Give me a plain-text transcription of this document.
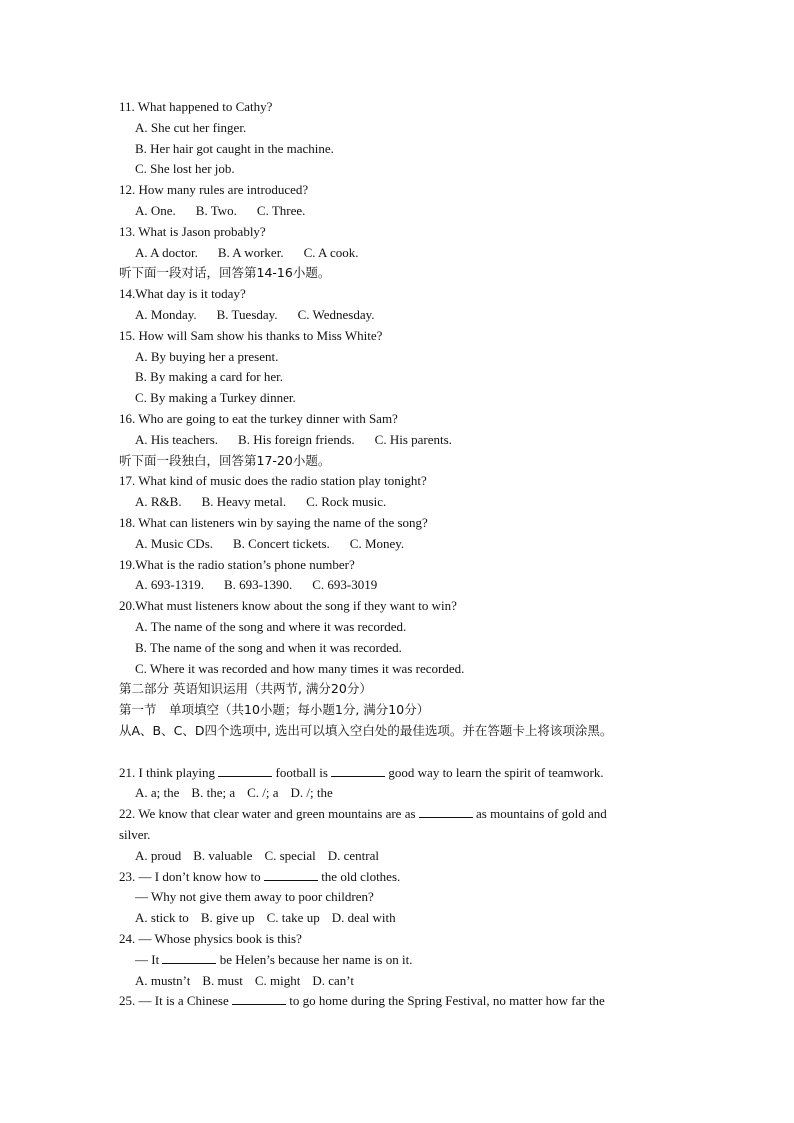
11. What happened to Cathy?
A. She cut her finger.
B. Her hair got caught in the machine.
C. She lost her job.
12. How many rules are introduced?
A. One. B. Two. C. Three.
13. What is Jason probably?
A. A doctor. B. A worker. C. A cook.
听下面一段对话，回答第14-16小题。
14.What day is it today?
A. Monday. B. Tuesday. C. Wednesday.
15. How will Sam show his thanks to Miss White?
A. By buying her a present.
B. By making a card for her.
C. By making a Turkey dinner.
16. Who are going to eat the turkey dinner with Sam?
A. His teachers. B. His foreign friends. C. His parents.
听下面一段独白，回答第17-20小题。
17. What kind of music does the radio station play tonight?
A. R&B. B. Heavy metal. C. Rock music.
18. What can listeners win by saying the name of the song?
A. Music CDs. B. Concert tickets. C. Money.
19.What is the radio station’s phone number?
A. 693-1319. B. 693-1390. C. 693-3019
20.What must listeners know about the song if they want to win?
A. The name of the song and where it was recorded.
B. The name of the song and when it was recorded.
C. Where it was recorded and how many times it was recorded.
第二部分 英语知识运用（共两节, 满分20分）
第一节　单项填空（共10小题；每小题1分, 满分10分）
从A、B、C、D四个选项中, 选出可以填入空白处的最佳选项。并在答题卡上将该项涂黑。
21. I think playing	football is	good way to learn the spirit of teamwork.
A. a; the B. the; a C. /; a D. /; the
22. We know that clear water and green mountains are as	as mountains of gold and
silver.
A. proud B. valuable C. special D. central
23. — I don’t know how to	the old clothes.
— Why not give them away to poor children?
A. stick to B. give up C. take up D. deal with
24. — Whose physics book is this?
— It	be Helen’s because her name is on it.
A. mustn’t B. must C. might D. can’t
25. — It is a Chinese	to go home during the Spring Festival, no matter how far the
